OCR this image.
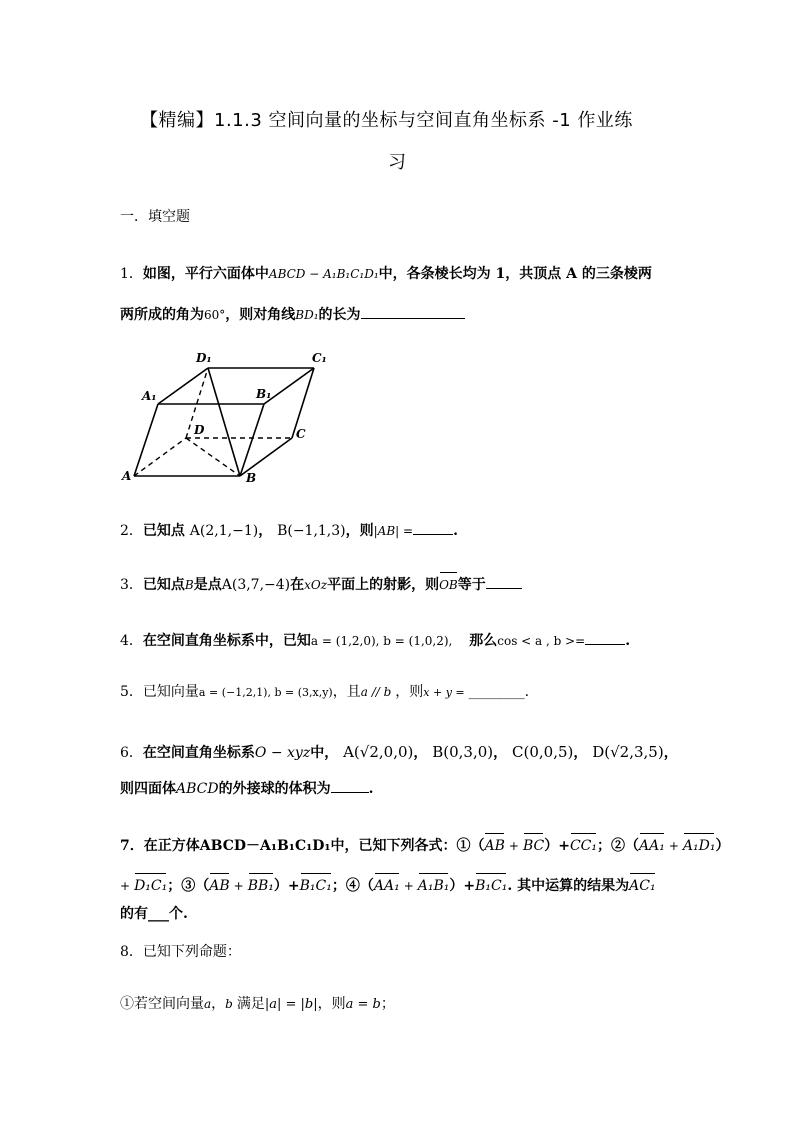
【精编】1.1.3 空间向量的坐标与空间直角坐标系 -1 作业练
习
一．填空题
1．如图，平行六面体中ABCD − A₁B₁C₁D₁中，各条棱长均为 1，共顶点 A 的三条棱两
两所成的角为60°，则对角线BD₁的长为
D₁	C₁
A₁	B₁
D	C
A	B
2．已知点 A(2,1,−1)， B(−1,1,3)，则|AB| =	.
3．已知点B是点A(3,7,−4)在xOz平面上的射影，则OB等于
4．在空间直角坐标系中，已知a = (1,2,0), b = (1,0,2), 那么cos < a , b >=	.
5．已知向量a = (−1,2,1), b = (3,x,y)，且a // b ，则x + y = ________.
6．在空间直角坐标系O − xyz中， A(√2,0,0)， B(0,3,0)， C(0,0,5)， D(√2,3,5)，
则四面体ABCD的外接球的体积为	.
7．在正方体ABCD－A₁B₁C₁D₁中，已知下列各式：①（AB + BC）+CC₁；②（AA₁ + A₁D₁）
+ D₁C₁；③（AB + BB₁）+B₁C₁；④（AA₁ + A₁B₁）+B₁C₁. 其中运算的结果为AC₁
的有___个.
8．已知下列命题：
①若空间向量a，b 满足|a| = |b|，则a = b；
